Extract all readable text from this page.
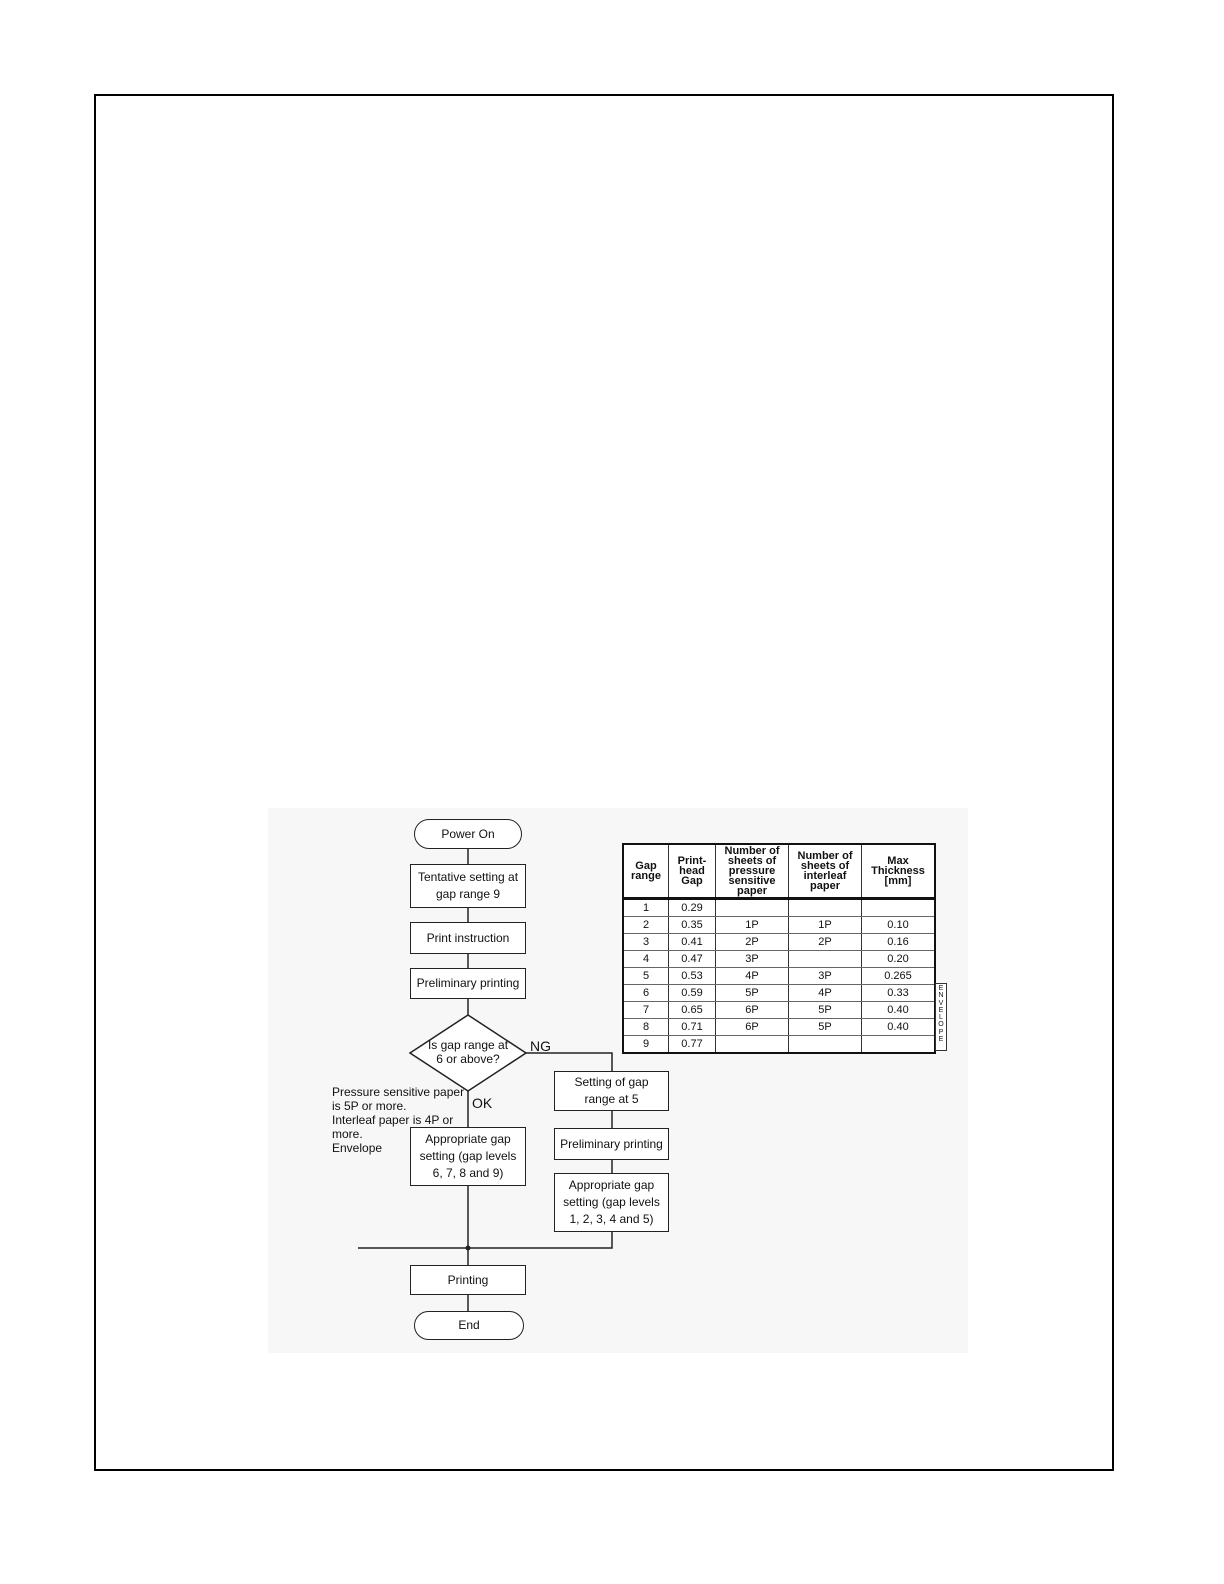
Power On
Tentative setting at gap range 9
Print instruction
Preliminary printing
Is gap range at 6 or above?
NG
OK
Pressure sensitive paper
is 5P or more.
Interleaf paper is 4P or
more.
Envelope
Appropriate gap setting (gap levels 6, 7, 8 and 9)
Setting of gap range at 5
Preliminary printing
Appropriate gap setting (gap levels 1, 2, 3, 4 and 5)
Printing
End
Gap range	Print-head Gap	Number of sheets of pressure sensitive paper	Number of sheets of interleaf paper	Max Thickness [mm]
1	0.29			
2	0.35	1P	1P	0.10
3	0.41	2P	2P	0.16
4	0.47	3P		0.20
5	0.53	4P	3P	0.265
6	0.59	5P	4P	0.33
7	0.65	6P	5P	0.40
8	0.71	6P	5P	0.40
9	0.77			
E
N
V
E
L
O
P
E
